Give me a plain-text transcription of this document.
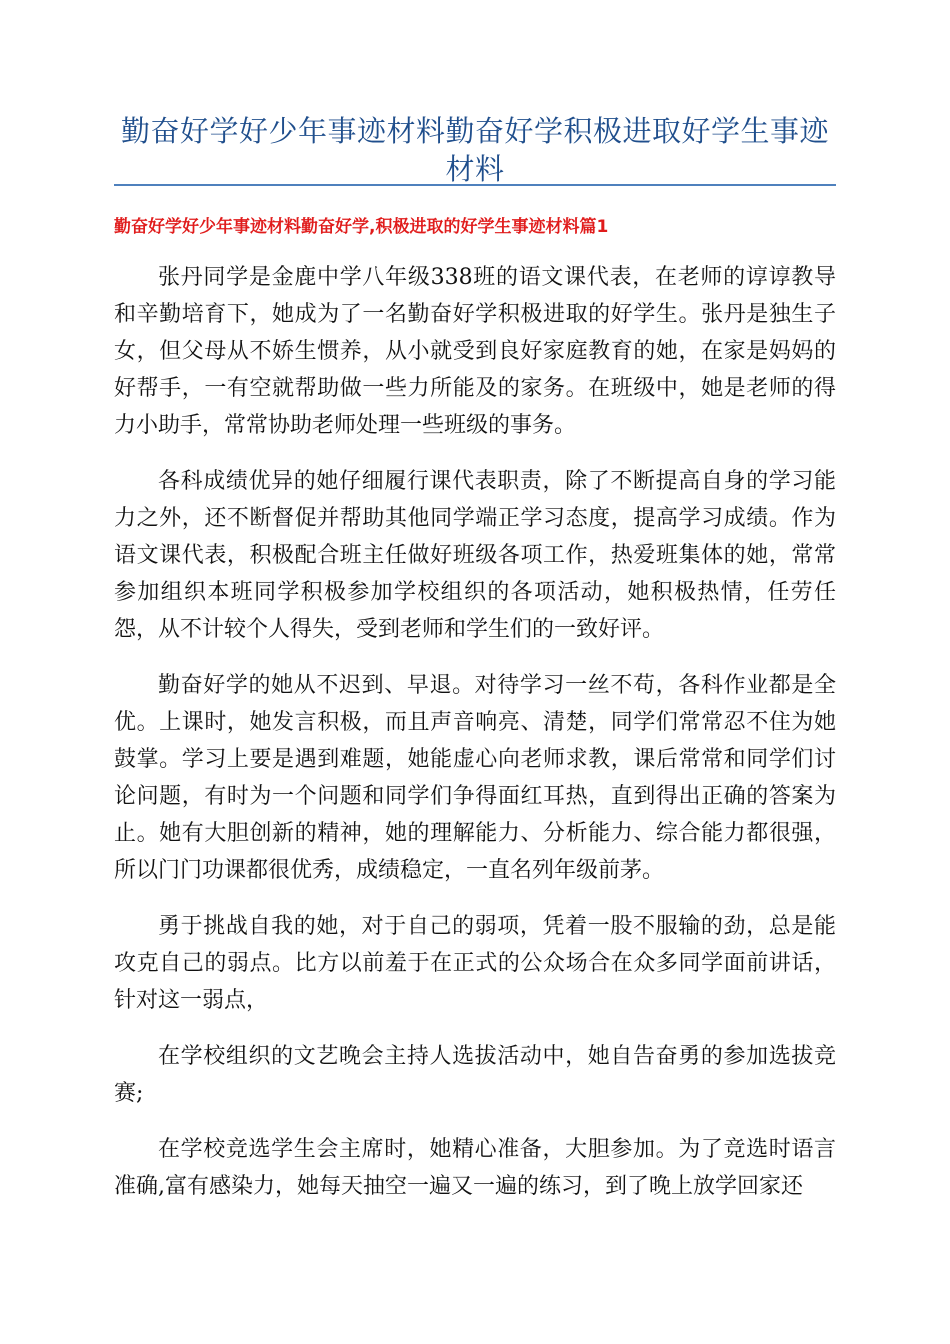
勤奋好学好少年事迹材料勤奋好学积极进取好学生事迹材料
勤奋好学好少年事迹材料勤奋好学,积极进取的好学生事迹材料篇1

张丹同学是金鹿中学八年级338班的语文课代表，在老师的谆谆教导和辛勤培育下，她成为了一名勤奋好学积极进取的好学生。张丹是独生子女，但父母从不娇生惯养，从小就受到良好家庭教育的她，在家是妈妈的好帮手，一有空就帮助做一些力所能及的家务。在班级中，她是老师的得力小助手，常常协助老师处理一些班级的事务。

各科成绩优异的她仔细履行课代表职责，除了不断提高自身的学习能力之外，还不断督促并帮助其他同学端正学习态度，提高学习成绩。作为语文课代表，积极配合班主任做好班级各项工作，热爱班集体的她，常常参加组织本班同学积极参加学校组织的各项活动，她积极热情，任劳任怨，从不计较个人得失，受到老师和学生们的一致好评。

勤奋好学的她从不迟到、早退。对待学习一丝不苟，各科作业都是全优。上课时，她发言积极，而且声音响亮、清楚，同学们常常忍不住为她鼓掌。学习上要是遇到难题，她能虚心向老师求教，课后常常和同学们讨论问题，有时为一个问题和同学们争得面红耳热，直到得出正确的答案为止。她有大胆创新的精神，她的理解能力、分析能力、综合能力都很强，所以门门功课都很优秀，成绩稳定，一直名列年级前茅。

勇于挑战自我的她，对于自己的弱项，凭着一股不服输的劲，总是能攻克自己的弱点。比方以前羞于在正式的公众场合在众多同学面前讲话，针对这一弱点，

在学校组织的文艺晚会主持人选拔活动中，她自告奋勇的参加选拔竞赛;

在学校竞选学生会主席时，她精心准备，大胆参加。为了竞选时语言准确,富有感染力，她每天抽空一遍又一遍的练习，到了晚上放学回家还
